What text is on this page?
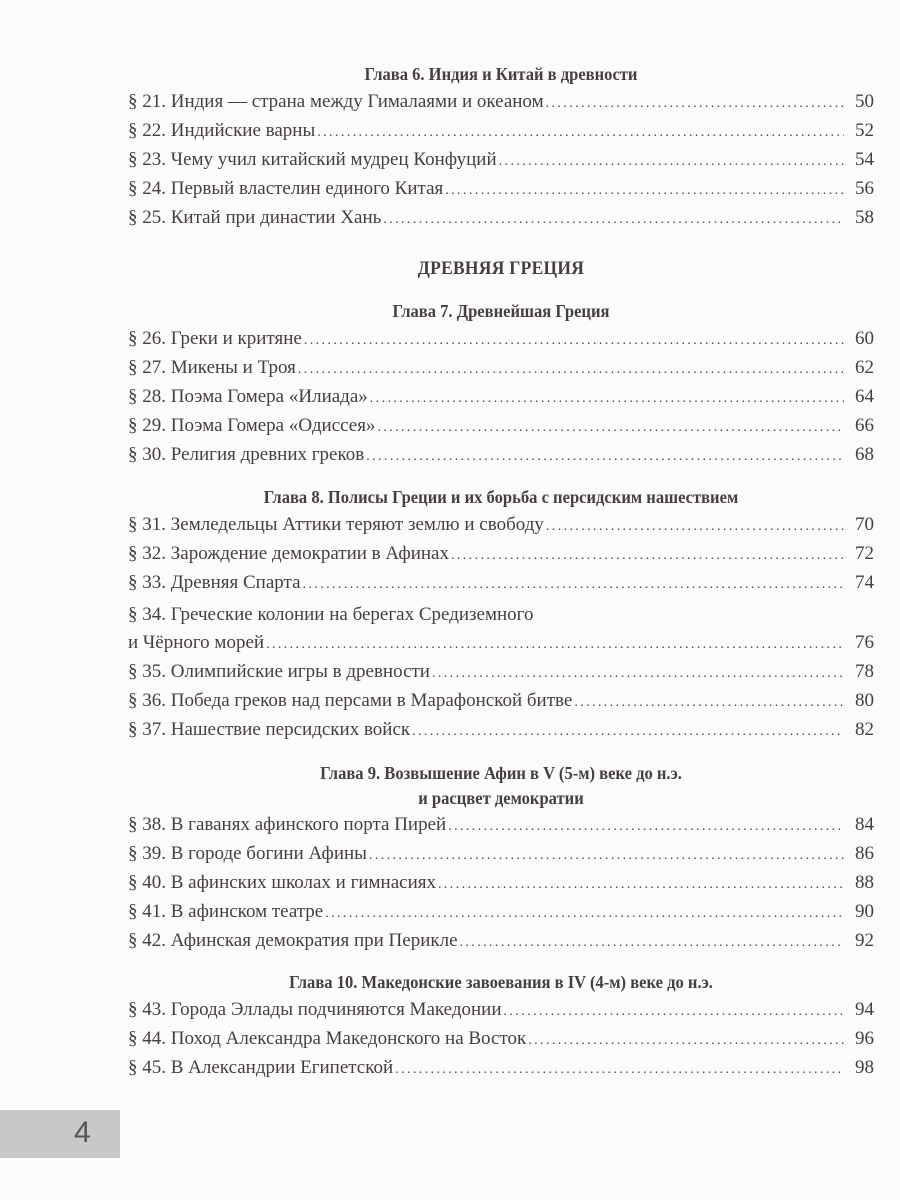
Глава 6. Индия и Китай в древности
§ 21. Индия — страна между Гималаями и океаном .....	50
§ 22. Индийские варны .....	52
§ 23. Чему учил китайский мудрец Конфуций .....	54
§ 24. Первый властелин единого Китая .....	56
§ 25. Китай при династии Хань .....	58
ДРЕВНЯЯ ГРЕЦИЯ
Глава 7. Древнейшая Греция
§ 26. Греки и критяне .....	60
§ 27. Микены и Троя .....	62
§ 28. Поэма Гомера «Илиада» .....	64
§ 29. Поэма Гомера «Одиссея» .....	66
§ 30. Религия древних греков .....	68
Глава 8. Полисы Греции и их борьба с персидским нашествием
§ 31. Земледельцы Аттики теряют землю и свободу .....	70
§ 32. Зарождение демократии в Афинах .....	72
§ 33. Древняя Спарта .....	74
§ 34. Греческие колонии на берегах Средиземного
и Чёрного морей .....	76
§ 35. Олимпийские игры в древности .....	78
§ 36. Победа греков над персами в Марафонской битве .....	80
§ 37. Нашествие персидских войск .....	82
Глава 9. Возвышение Афин в V (5-м) веке до н.э.
и расцвет демократии
§ 38. В гаванях афинского порта Пирей .....	84
§ 39. В городе богини Афины .....	86
§ 40. В афинских школах и гимнасиях .....	88
§ 41. В афинском театре .....	90
§ 42. Афинская демократия при Перикле .....	92
Глава 10. Македонские завоевания в IV (4-м) веке до н.э.
§ 43. Города Эллады подчиняются Македонии .....	94
§ 44. Поход Александра Македонского на Восток .....	96
§ 45. В Александрии Египетской .....	98
4
